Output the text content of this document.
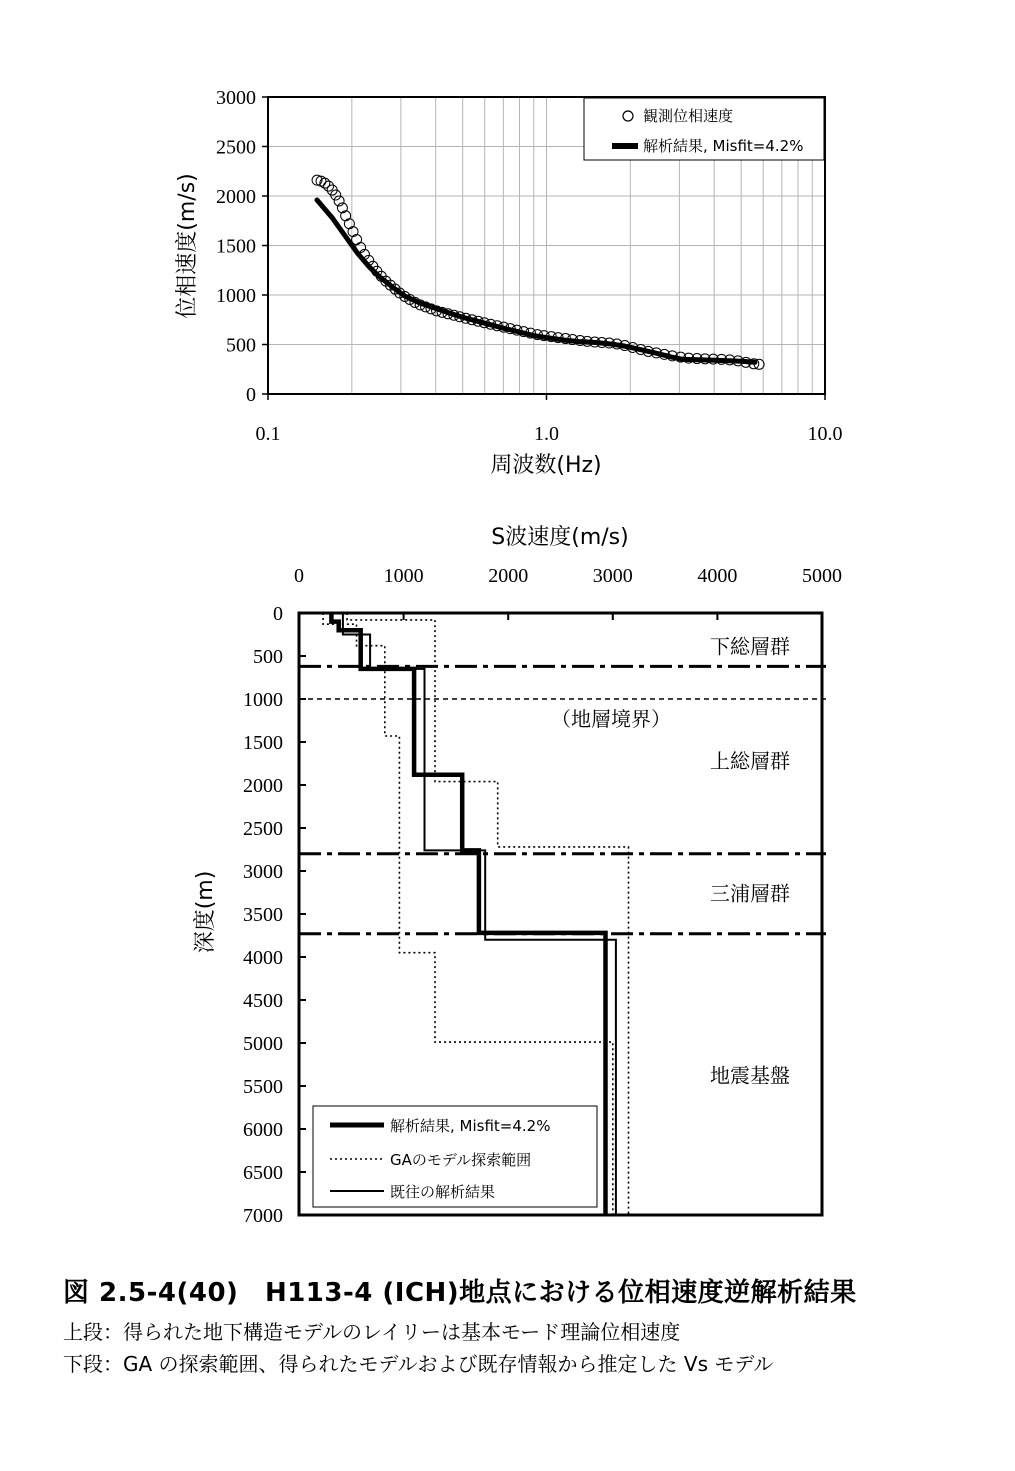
0
500
1000
1500
2000
2500
3000
0.1	1.0	10.0
位相速度(m/s)
周波数(Hz)
観測位相速度
解析結果, Misfit=4.2%
S波速度(m/s)
0	1000	2000	3000	4000	5000
0
500
1000
1500
2000
2500
3000
3500
4000
4500
5000
5500
6000
6500
7000
深度(m)
下総層群
（地層境界）
上総層群
三浦層群
地震基盤
解析結果, Misfit=4.2%
GAのモデル探索範囲
既往の解析結果
図 2.5-4(40)　H113-4 (ICH)地点における位相速度逆解析結果
上段：得られた地下構造モデルのレイリーは基本モード理論位相速度
下段：GA の探索範囲、得られたモデルおよび既存情報から推定した Vs モデル
